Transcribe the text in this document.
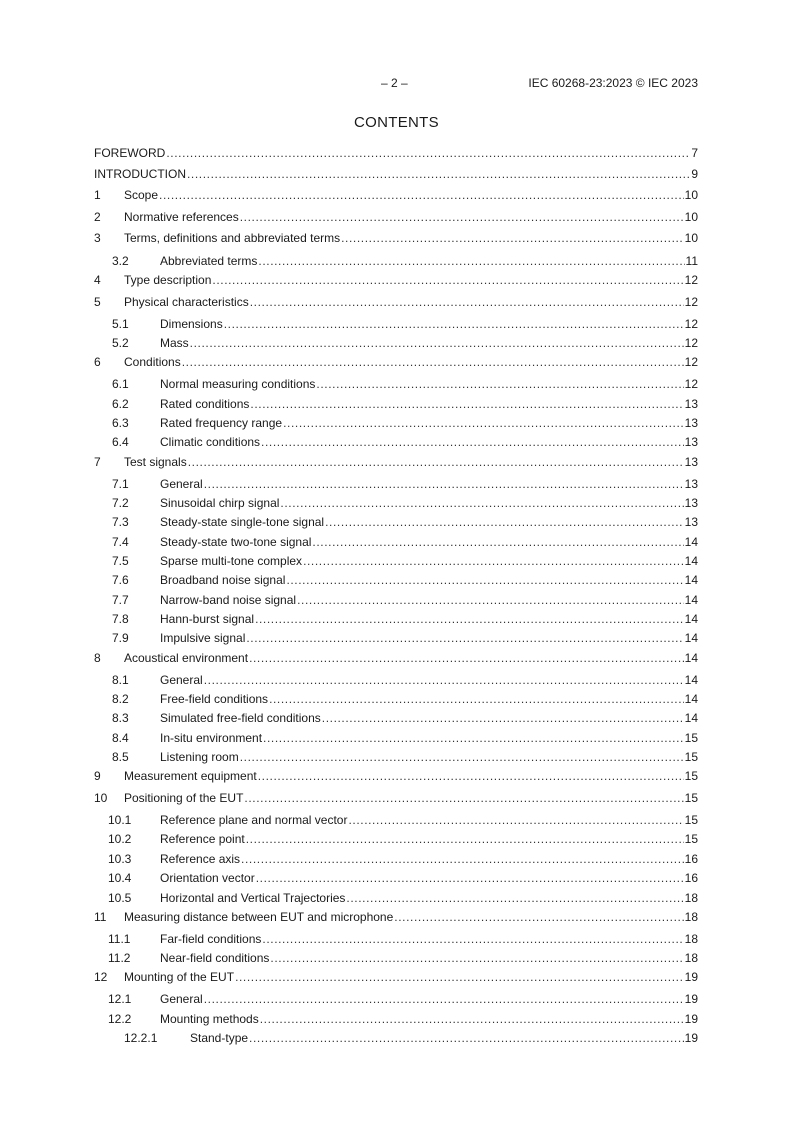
– 2 –	IEC 60268-23:2023 © IEC 2023
CONTENTS
FOREWORD .....	7
INTRODUCTION .....	9
1	Scope .....	10
2	Normative references .....	10
3	Terms, definitions and abbreviated terms .....	10
3.2	Abbreviated terms .....	11
4	Type description .....	12
5	Physical characteristics .....	12
5.1	Dimensions .....	12
5.2	Mass .....	12
6	Conditions .....	12
6.1	Normal measuring conditions .....	12
6.2	Rated conditions .....	13
6.3	Rated frequency range .....	13
6.4	Climatic conditions .....	13
7	Test signals .....	13
7.1	General .....	13
7.2	Sinusoidal chirp signal .....	13
7.3	Steady-state single-tone signal .....	13
7.4	Steady-state two-tone signal .....	14
7.5	Sparse multi-tone complex .....	14
7.6	Broadband noise signal .....	14
7.7	Narrow-band noise signal .....	14
7.8	Hann-burst signal .....	14
7.9	Impulsive signal .....	14
8	Acoustical environment .....	14
8.1	General .....	14
8.2	Free-field conditions .....	14
8.3	Simulated free-field conditions .....	14
8.4	In-situ environment .....	15
8.5	Listening room .....	15
9	Measurement equipment .....	15
10	Positioning of the EUT .....	15
10.1	Reference plane and normal vector .....	15
10.2	Reference point .....	15
10.3	Reference axis .....	16
10.4	Orientation vector .....	16
10.5	Horizontal and Vertical Trajectories .....	18
11	Measuring distance between EUT and microphone .....	18
11.1	Far-field conditions .....	18
11.2	Near-field conditions .....	18
12	Mounting of the EUT .....	19
12.1	General .....	19
12.2	Mounting methods .....	19
12.2.1	Stand-type .....	19
